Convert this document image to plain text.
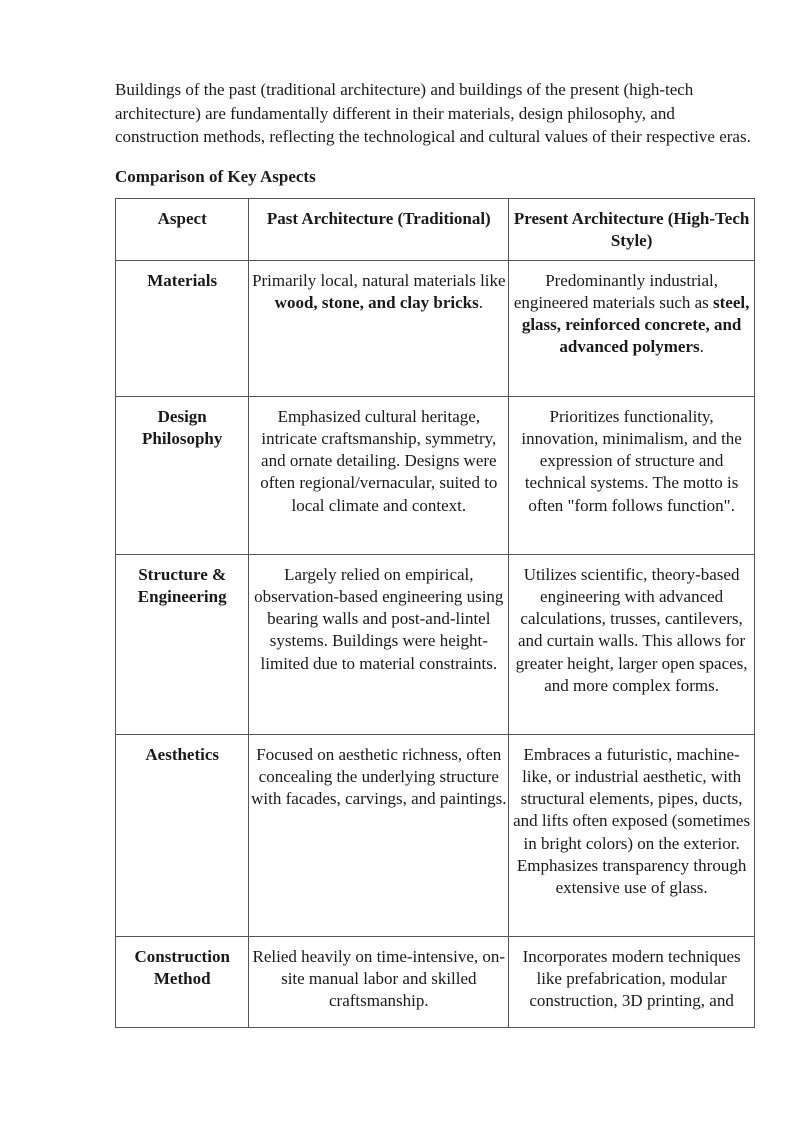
Buildings of the past (traditional architecture) and buildings of the present (high-tech architecture) are fundamentally different in their materials, design philosophy, and construction methods, reflecting the technological and cultural values of their respective eras.

Comparison of Key Aspects
Aspect	Past Architecture (Traditional)	Present Architecture (High-Tech Style)
Materials	Primarily local, natural materials like wood, stone, and clay bricks.	Predominantly industrial, engineered materials such as steel, glass, reinforced concrete, and advanced polymers.
Design Philosophy	Emphasized cultural heritage, intricate craftsmanship, symmetry, and ornate detailing. Designs were often regional/vernacular, suited to local climate and context.	Prioritizes functionality, innovation, minimalism, and the expression of structure and technical systems. The motto is often "form follows function".
Structure & Engineering	Largely relied on empirical, observation-based engineering using bearing walls and post-and-lintel systems. Buildings were height-limited due to material constraints.	Utilizes scientific, theory-based engineering with advanced calculations, trusses, cantilevers, and curtain walls. This allows for greater height, larger open spaces, and more complex forms.
Aesthetics	Focused on aesthetic richness, often concealing the underlying structure with facades, carvings, and paintings.	Embraces a futuristic, machine-like, or industrial aesthetic, with structural elements, pipes, ducts, and lifts often exposed (sometimes in bright colors) on the exterior. Emphasizes transparency through extensive use of glass.
Construction Method	Relied heavily on time-intensive, on-site manual labor and skilled craftsmanship.	Incorporates modern techniques like prefabrication, modular construction, 3D printing, and
